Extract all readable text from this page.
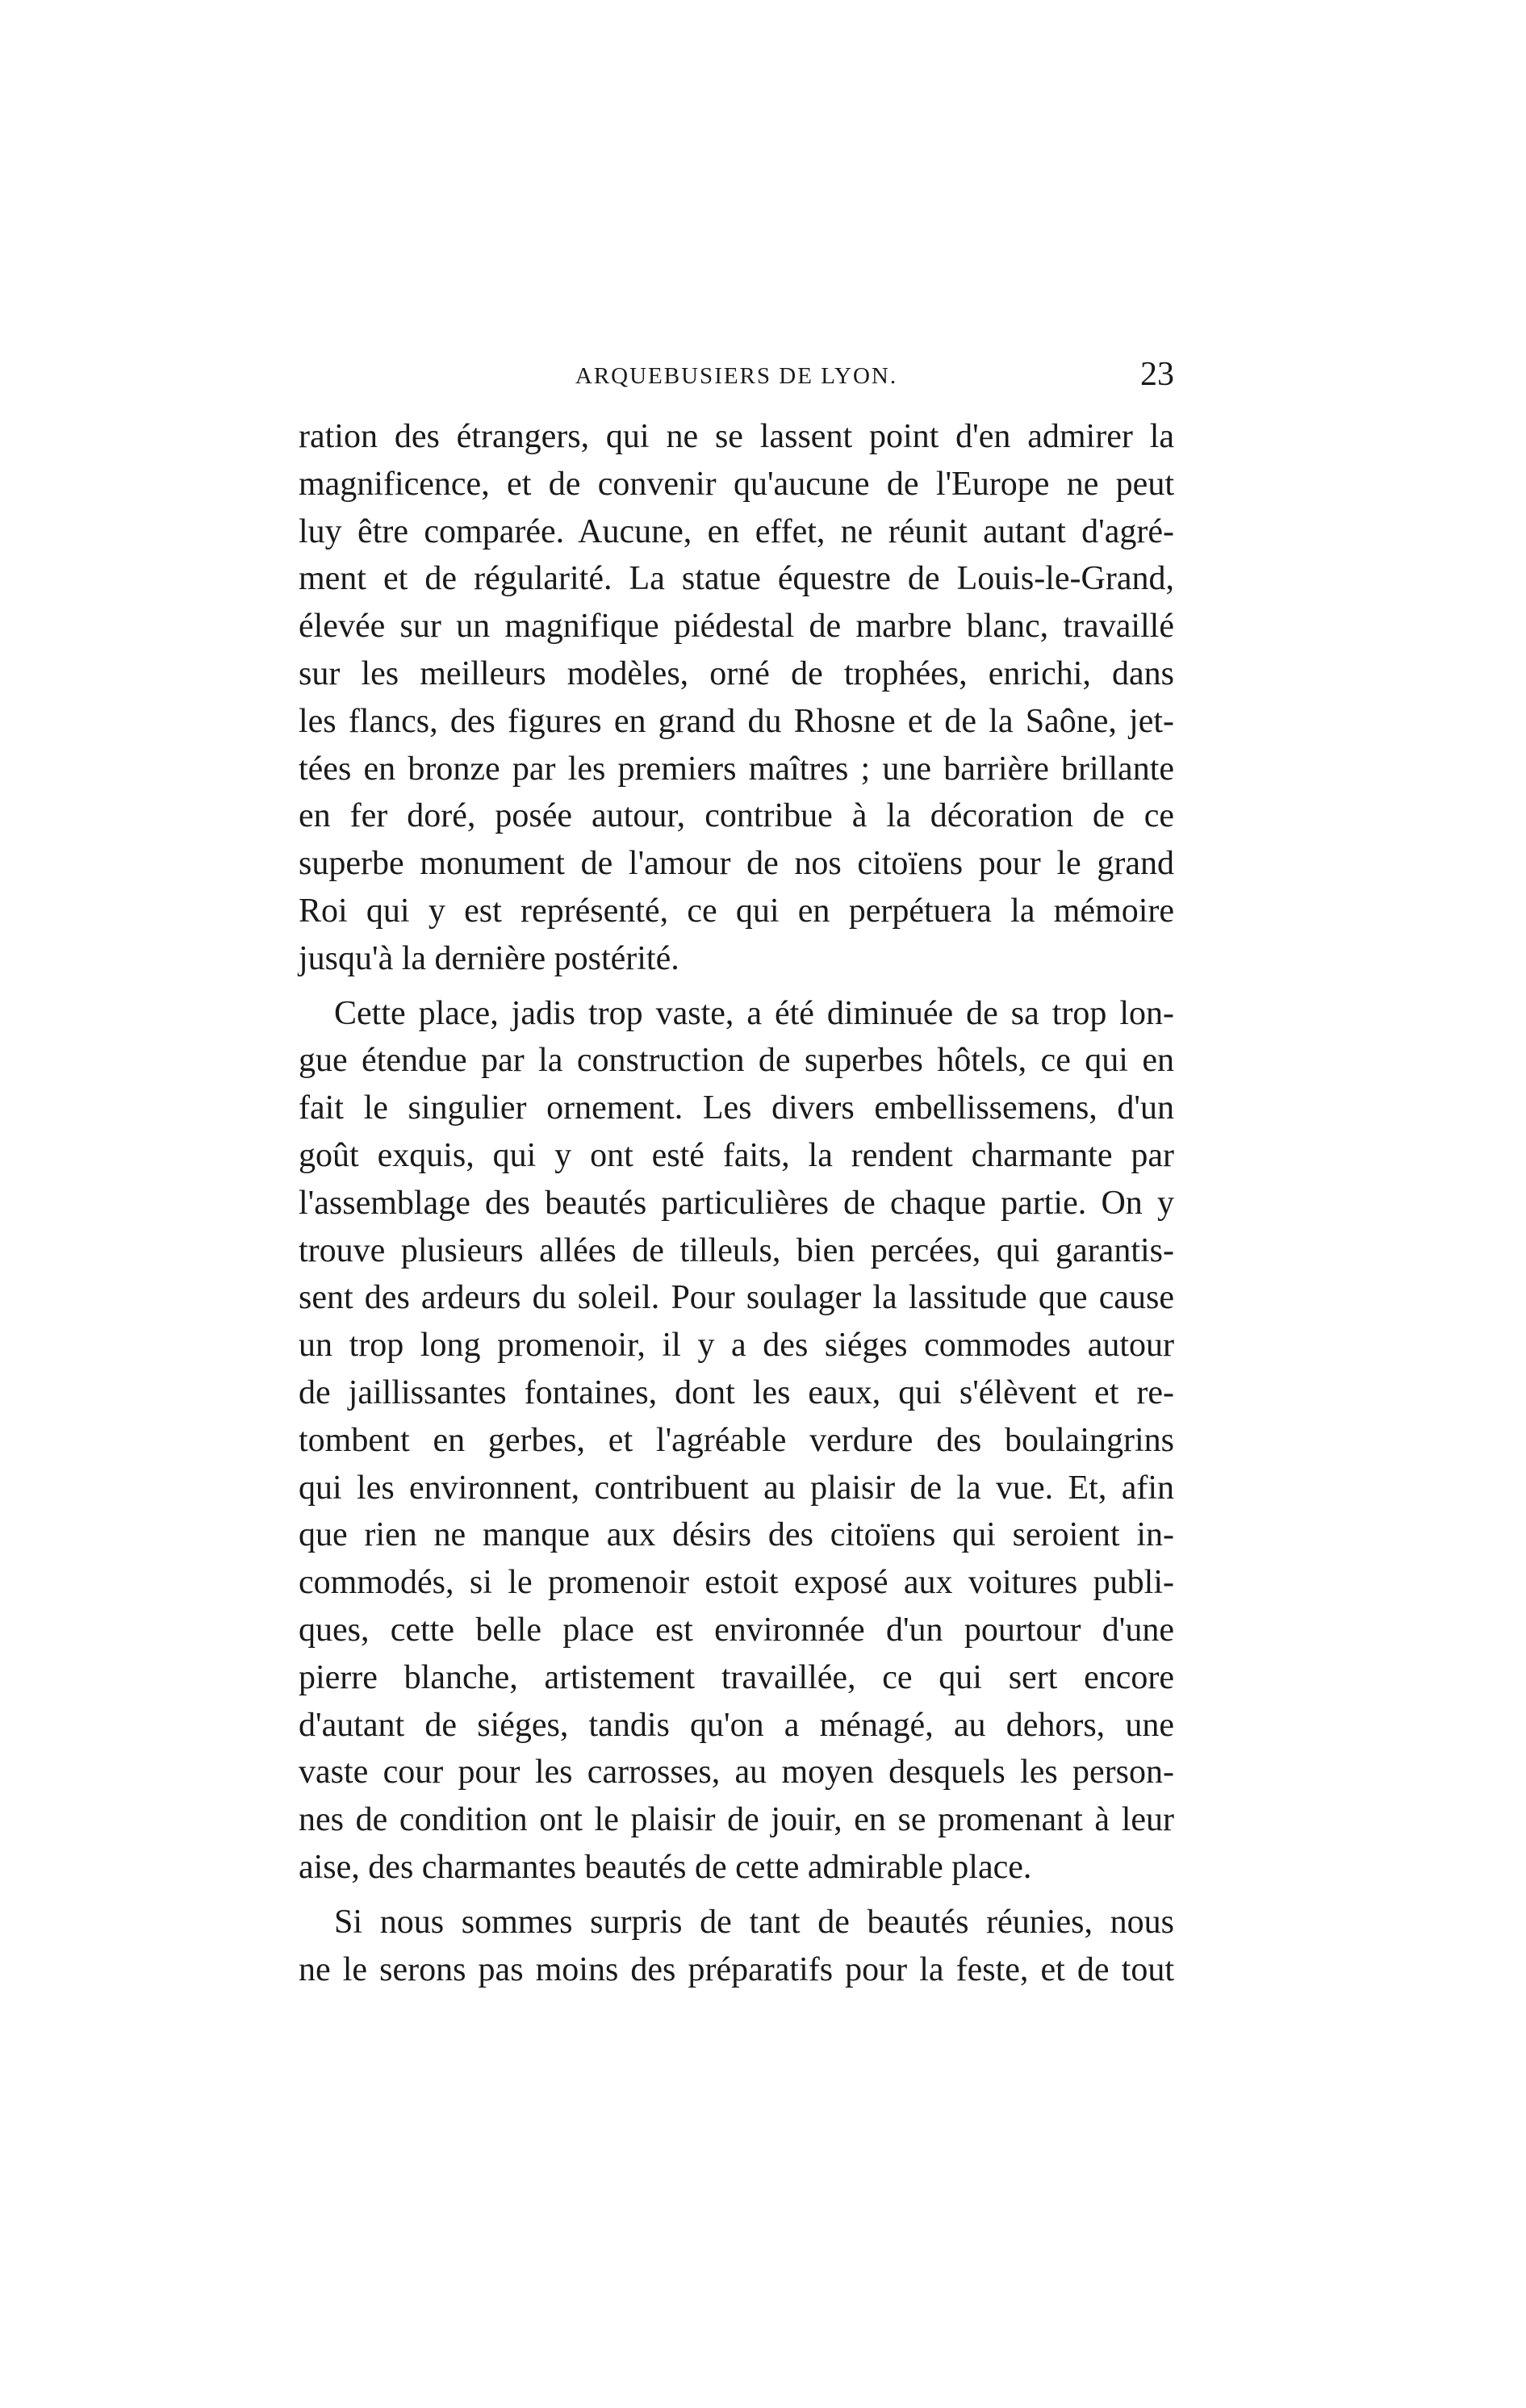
ARQUEBUSIERS DE LYON.	23
ration des étrangers, qui ne se lassent point d'en admirer la
magnificence, et de convenir qu'aucune de l'Europe ne peut
luy être comparée. Aucune, en effet, ne réunit autant d'agré-
ment et de régularité. La statue équestre de Louis-le-Grand,
élevée sur un magnifique piédestal de marbre blanc, travaillé
sur les meilleurs modèles, orné de trophées, enrichi, dans
les flancs, des figures en grand du Rhosne et de la Saône, jet-
tées en bronze par les premiers maîtres ; une barrière brillante
en fer doré, posée autour, contribue à la décoration de ce
superbe monument de l'amour de nos citoïens pour le grand
Roi qui y est représenté, ce qui en perpétuera la mémoire
jusqu'à la dernière postérité.
Cette place, jadis trop vaste, a été diminuée de sa trop lon-
gue étendue par la construction de superbes hôtels, ce qui en
fait le singulier ornement. Les divers embellissemens, d'un
goût exquis, qui y ont esté faits, la rendent charmante par
l'assemblage des beautés particulières de chaque partie. On y
trouve plusieurs allées de tilleuls, bien percées, qui garantis-
sent des ardeurs du soleil. Pour soulager la lassitude que cause
un trop long promenoir, il y a des siéges commodes autour
de jaillissantes fontaines, dont les eaux, qui s'élèvent et re-
tombent en gerbes, et l'agréable verdure des boulaingrins
qui les environnent, contribuent au plaisir de la vue. Et, afin
que rien ne manque aux désirs des citoïens qui seroient in-
commodés, si le promenoir estoit exposé aux voitures publi-
ques, cette belle place est environnée d'un pourtour d'une
pierre blanche, artistement travaillée, ce qui sert encore
d'autant de siéges, tandis qu'on a ménagé, au dehors, une
vaste cour pour les carrosses, au moyen desquels les person-
nes de condition ont le plaisir de jouir, en se promenant à leur
aise, des charmantes beautés de cette admirable place.
Si nous sommes surpris de tant de beautés réunies, nous
ne le serons pas moins des préparatifs pour la feste, et de tout
